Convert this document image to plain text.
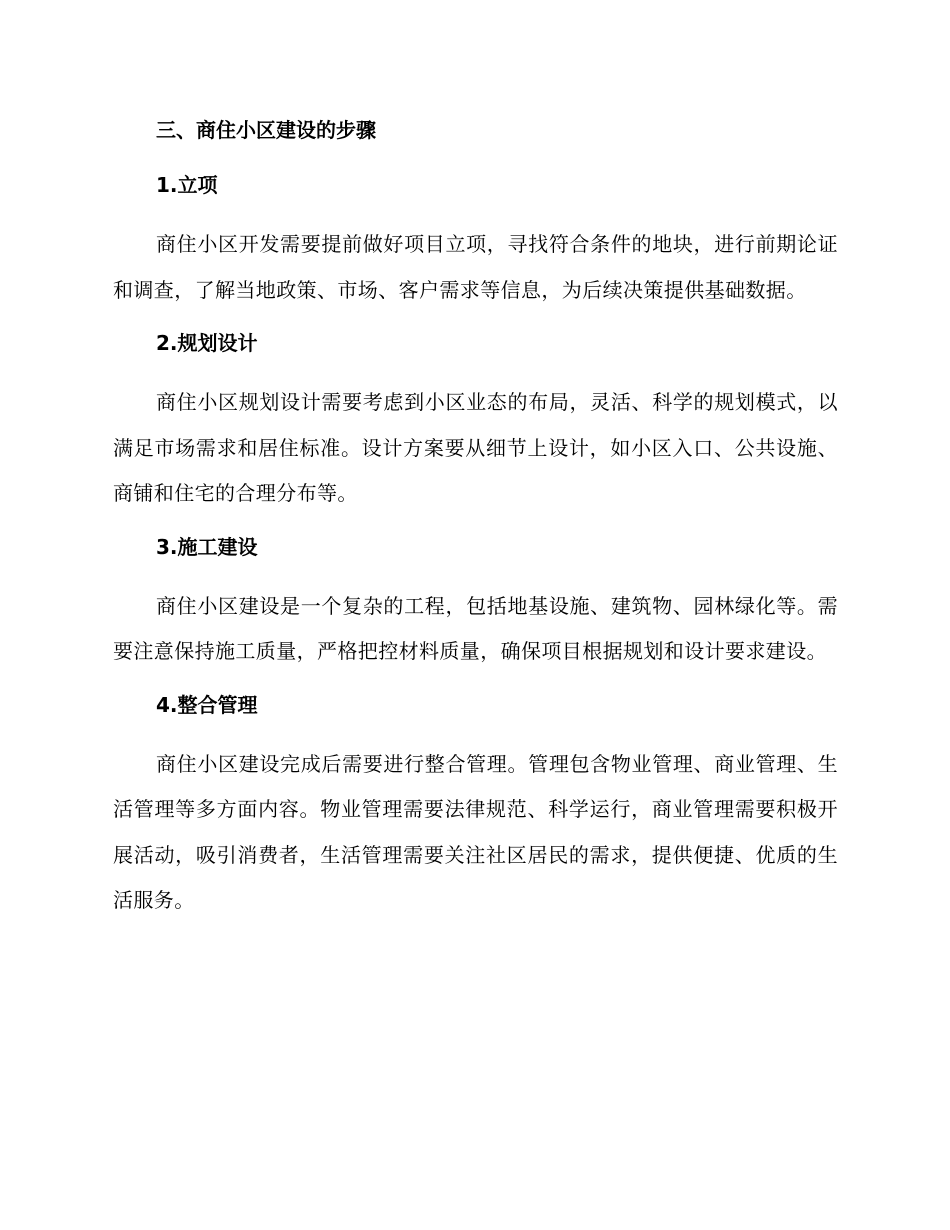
三、商住小区建设的步骤
1.立项

商住小区开发需要提前做好项目立项，寻找符合条件的地块，进行前期论证和调查，了解当地政策、市场、客户需求等信息，为后续决策提供基础数据。

2.规划设计

商住小区规划设计需要考虑到小区业态的布局，灵活、科学的规划模式，以满足市场需求和居住标准。设计方案要从细节上设计，如小区入口、公共设施、商铺和住宅的合理分布等。

3.施工建设

商住小区建设是一个复杂的工程，包括地基设施、建筑物、园林绿化等。需要注意保持施工质量，严格把控材料质量，确保项目根据规划和设计要求建设。

4.整合管理

商住小区建设完成后需要进行整合管理。管理包含物业管理、商业管理、生活管理等多方面内容。物业管理需要法律规范、科学运行，商业管理需要积极开展活动，吸引消费者，生活管理需要关注社区居民的需求，提供便捷、优质的生活服务。
